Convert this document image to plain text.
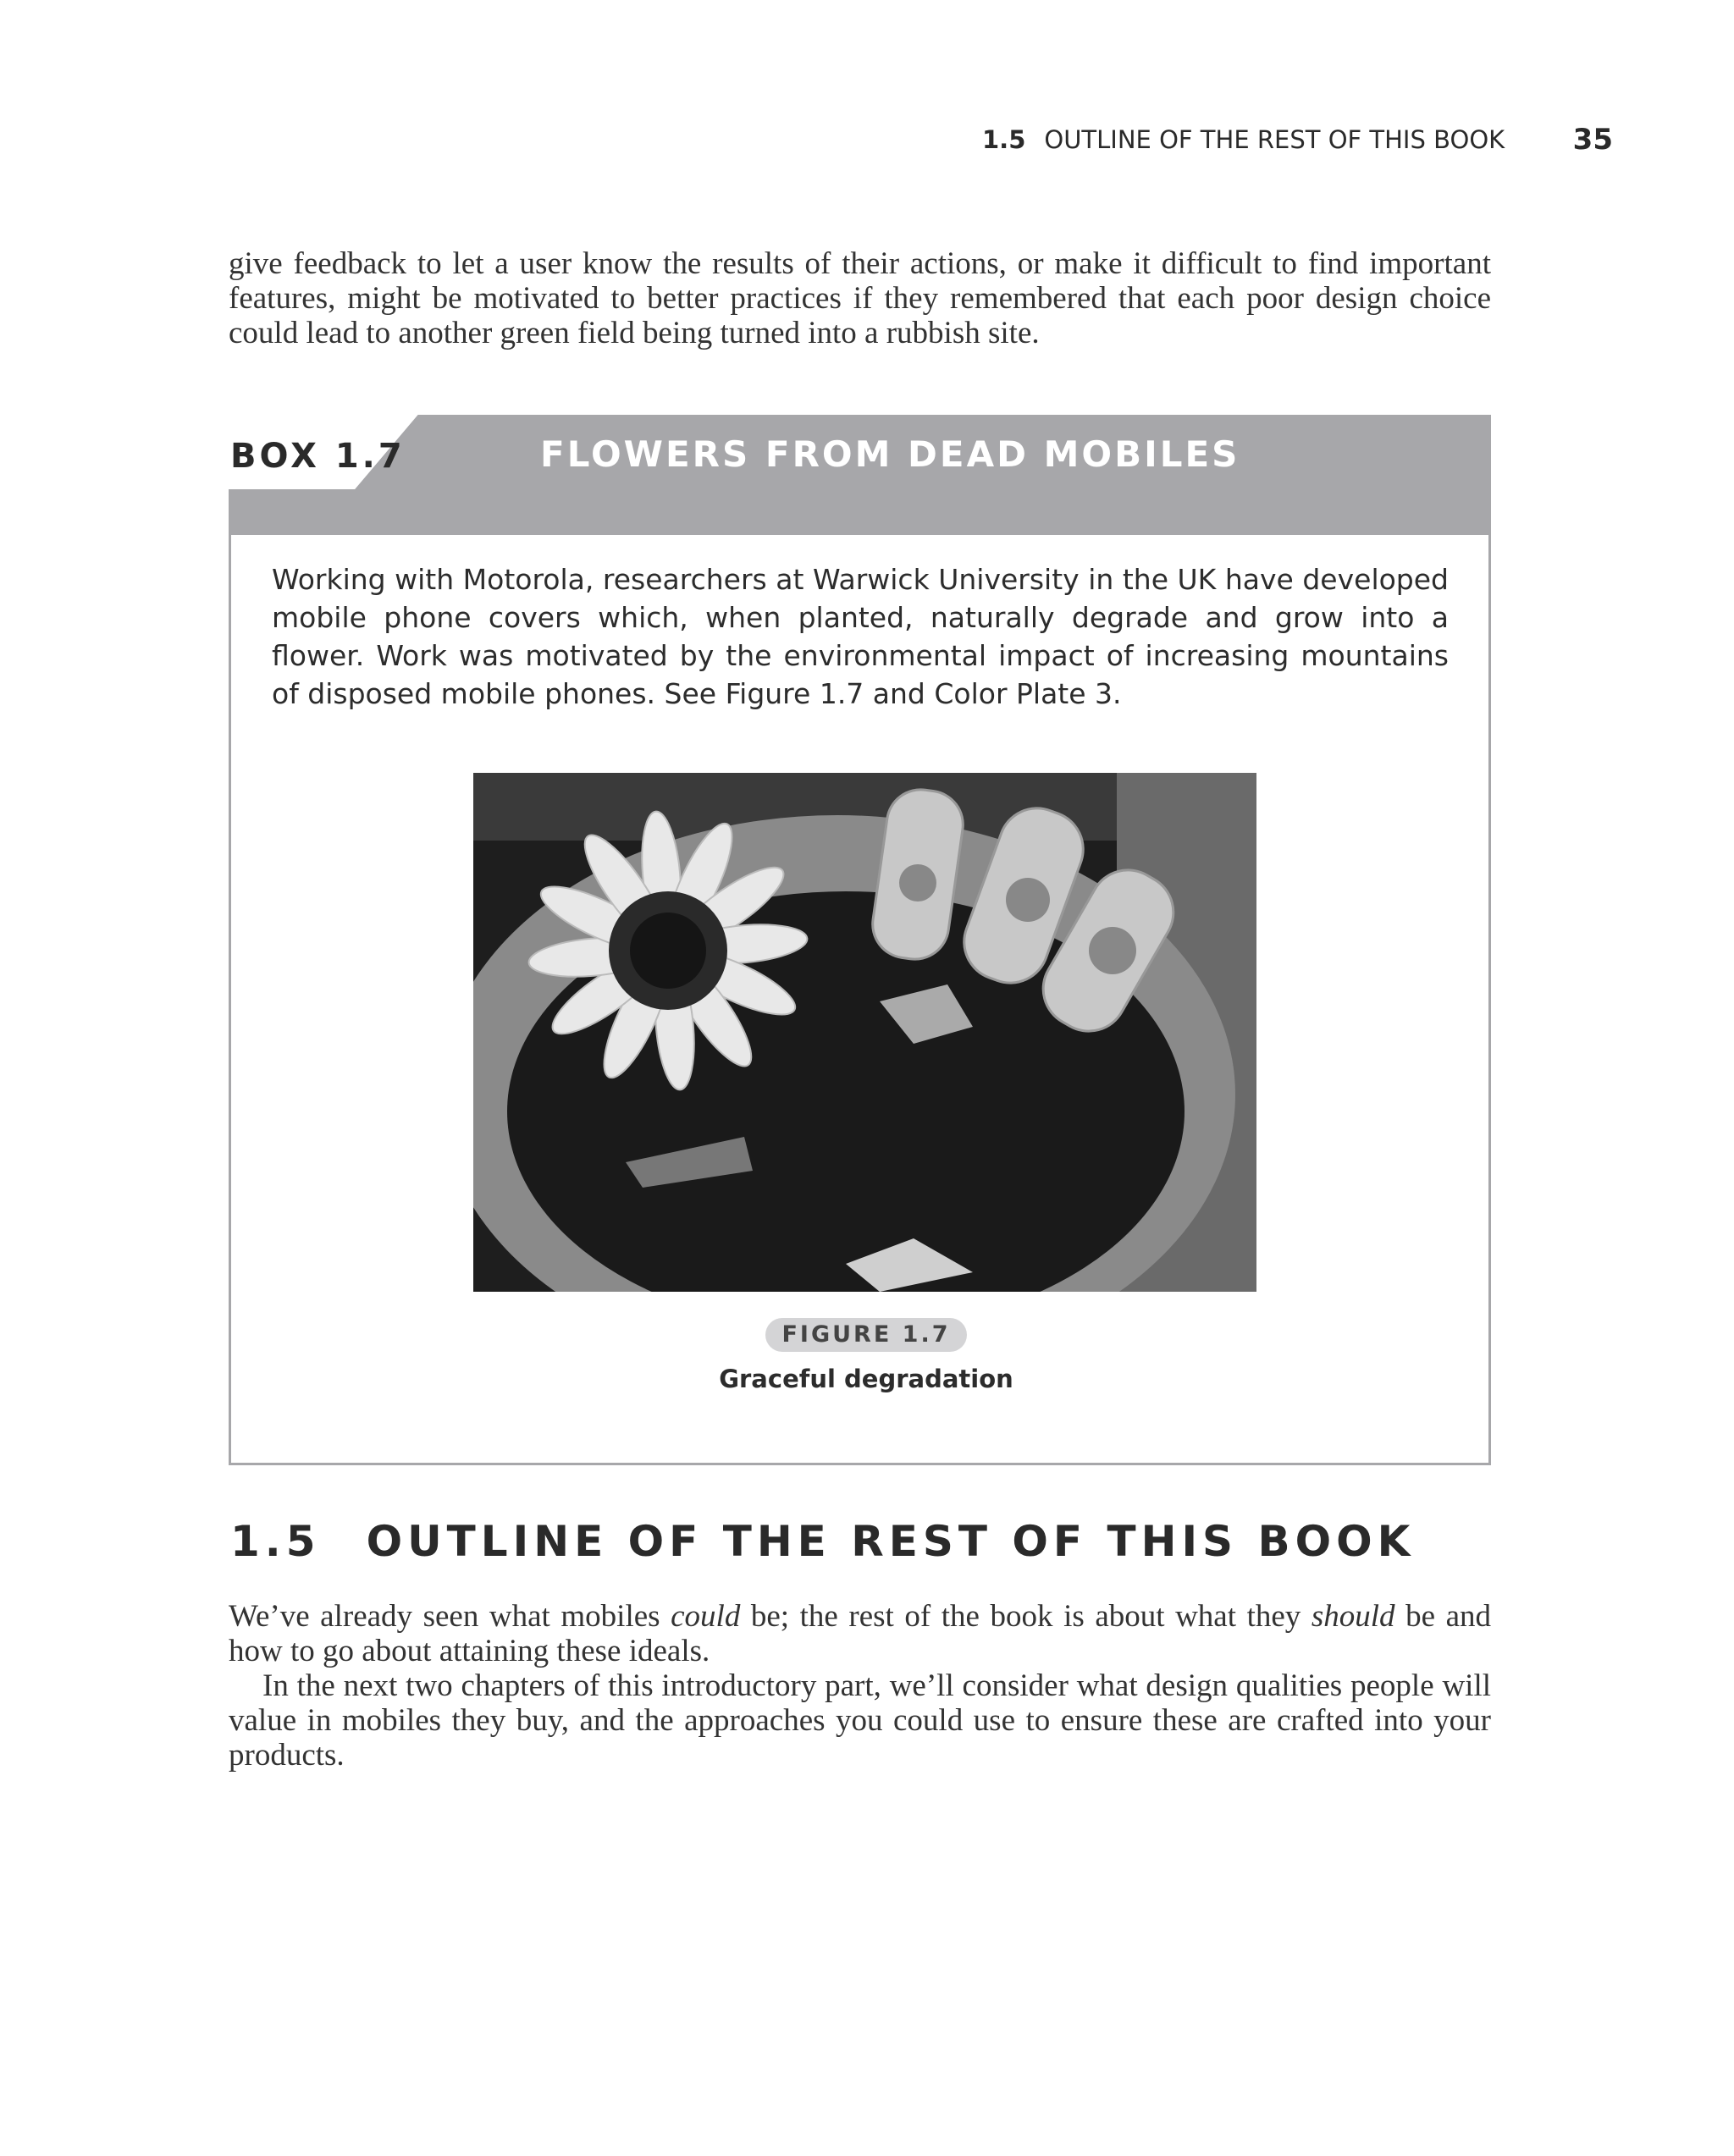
1.5 OUTLINE OF THE REST OF THIS BOOK 35

give feedback to let a user know the results of their actions, or make it difficult to find important features, might be motivated to better practices if they remembered that each poor design choice could lead to another green field being turned into a rubbish site.

BOX 1.7	FLOWERS FROM DEAD MOBILES

Working with Motorola, researchers at Warwick University in the UK have developed mobile phone covers which, when planted, naturally degrade and grow into a flower. Work was motivated by the environmental impact of increasing mountains of disposed mobile phones. See Figure 1.7 and Color Plate 3.

FIGURE 1.7
Graceful degradation
1.5 OUTLINE OF THE REST OF THIS BOOK

We’ve already seen what mobiles could be; the rest of the book is about what they should be and how to go about attaining these ideals.

In the next two chapters of this introductory part, we’ll consider what design qualities people will value in mobiles they buy, and the approaches you could use to ensure these are crafted into your products.
